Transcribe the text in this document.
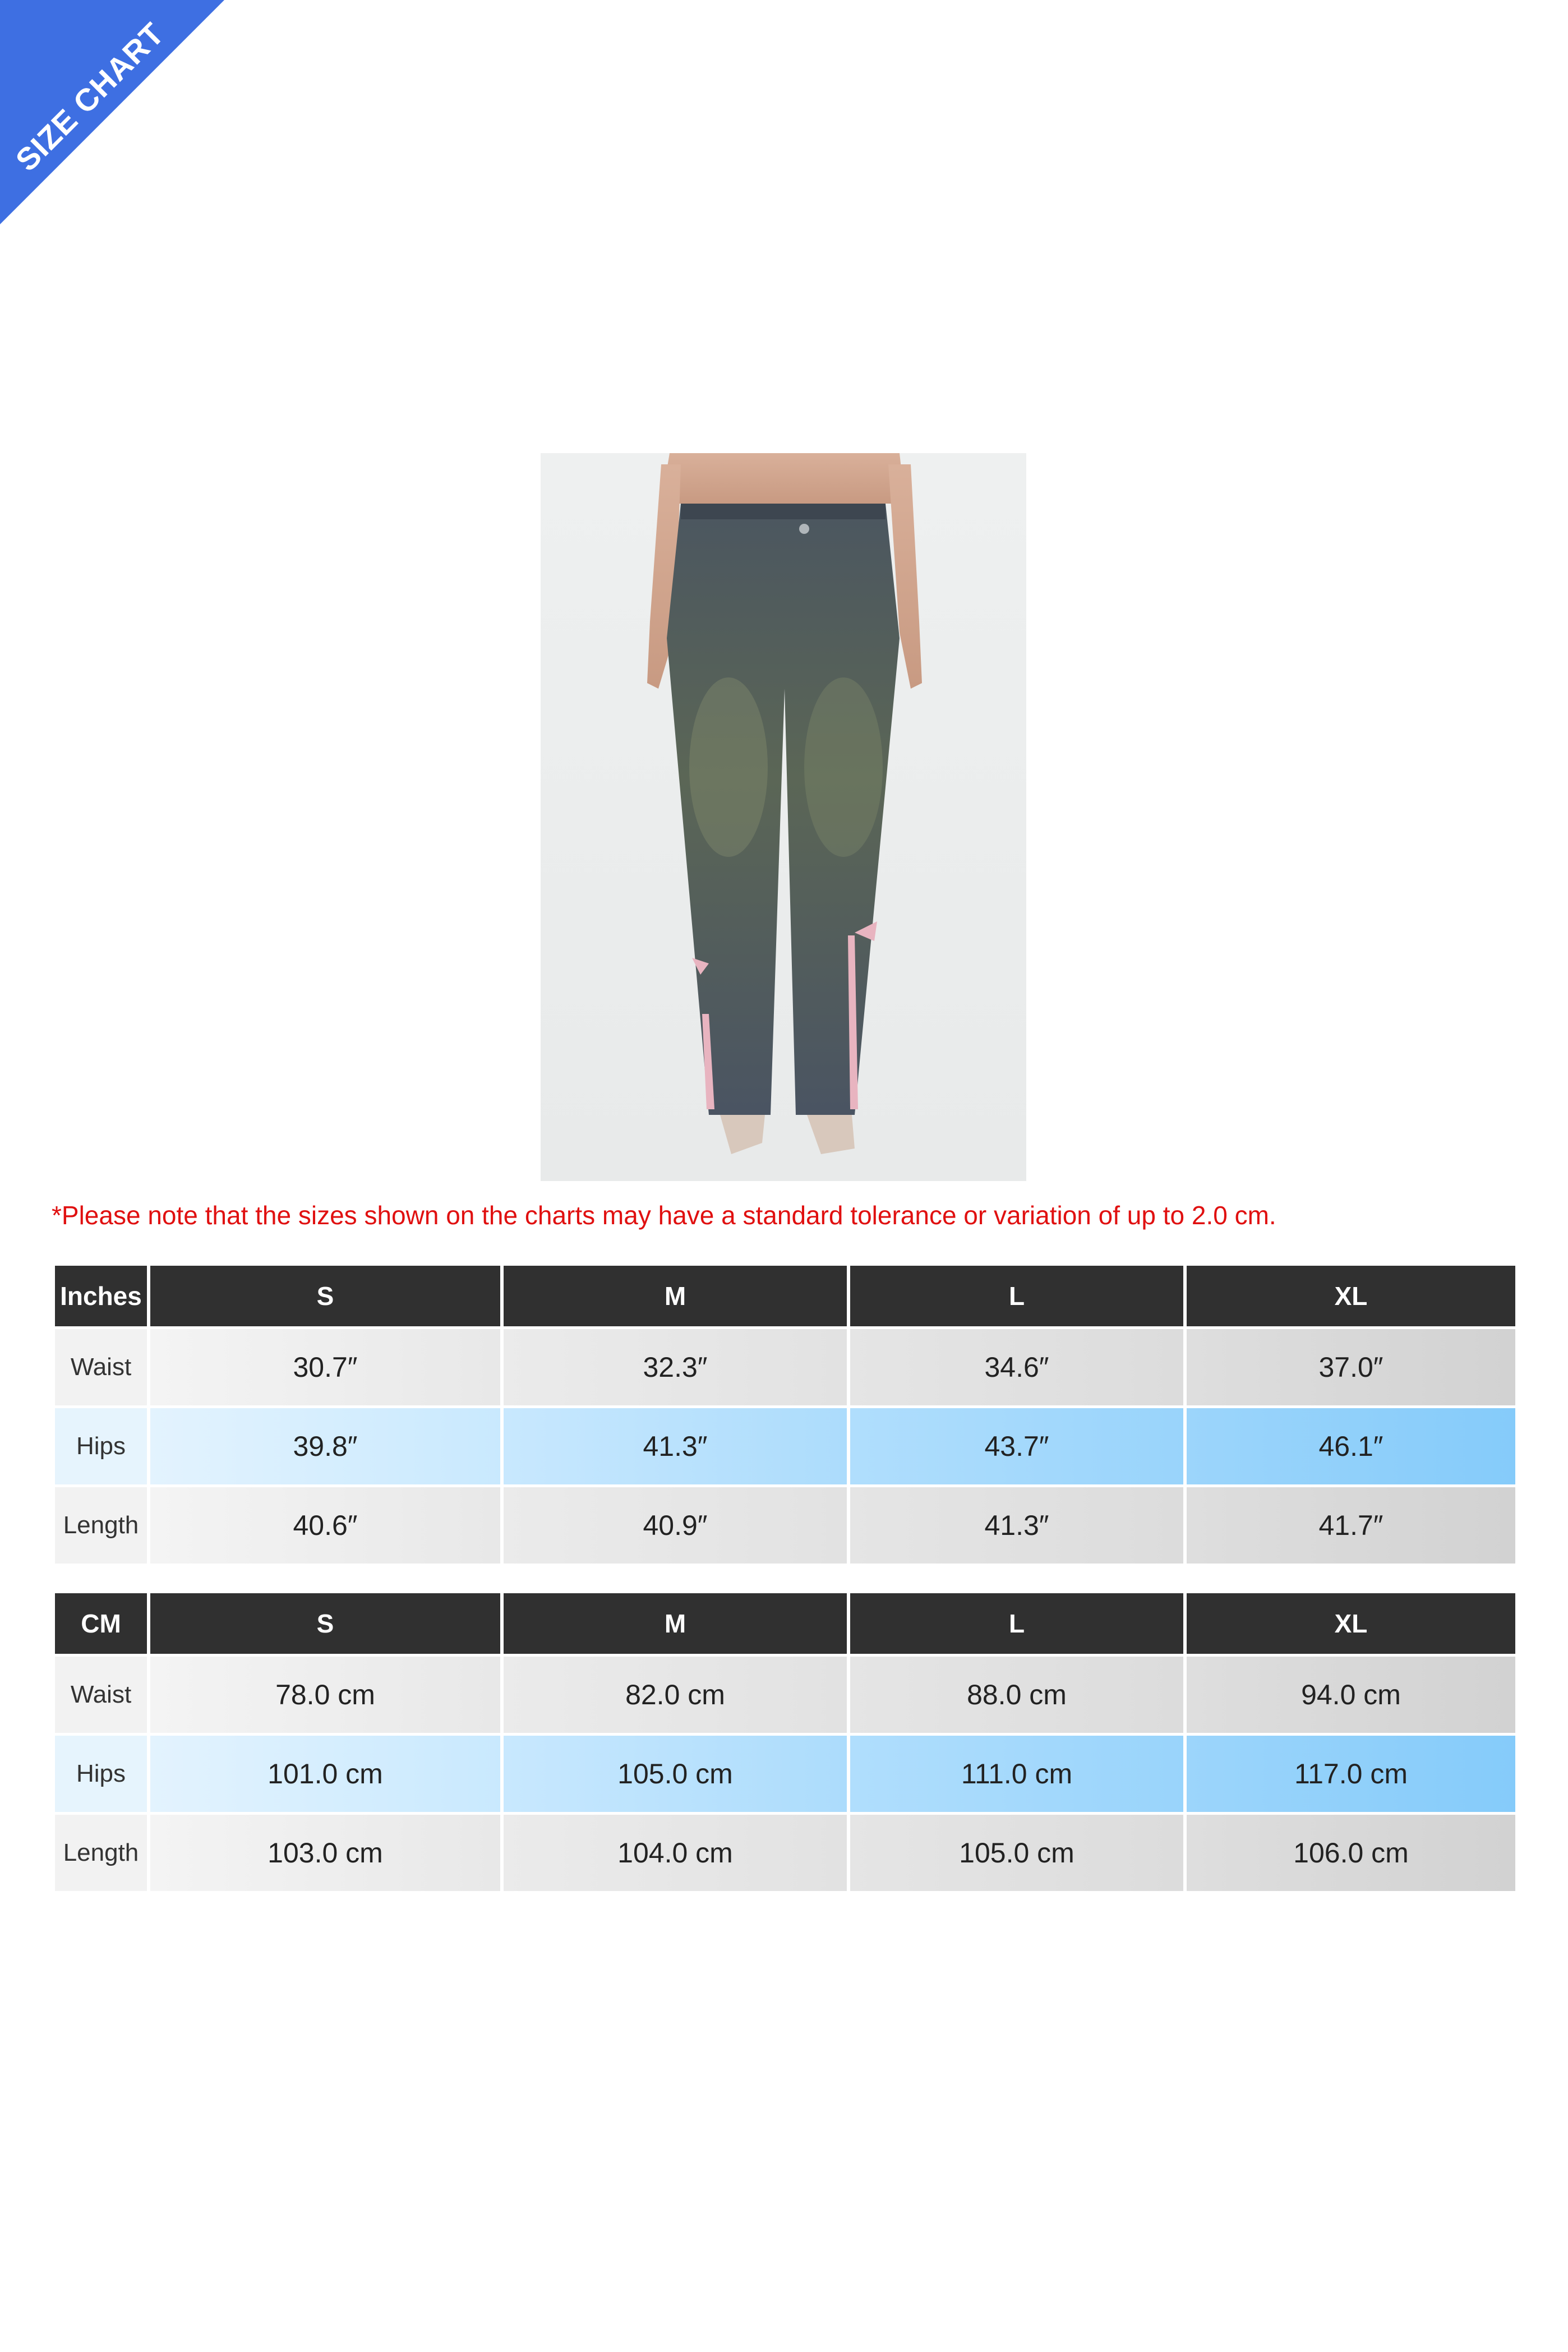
SIZE CHART
*Please note that the sizes shown on the charts may have a standard tolerance or variation of up to 2.0 cm.
Inches	S	M	L	XL
Waist	30.7″	32.3″	34.6″	37.0″
Hips	39.8″	41.3″	43.7″	46.1″
Length	40.6″	40.9″	41.3″	41.7″
CM	S	M	L	XL
Waist	78.0 cm	82.0 cm	88.0 cm	94.0 cm
Hips	101.0 cm	105.0 cm	111.0 cm	117.0 cm
Length	103.0 cm	104.0 cm	105.0 cm	106.0 cm
